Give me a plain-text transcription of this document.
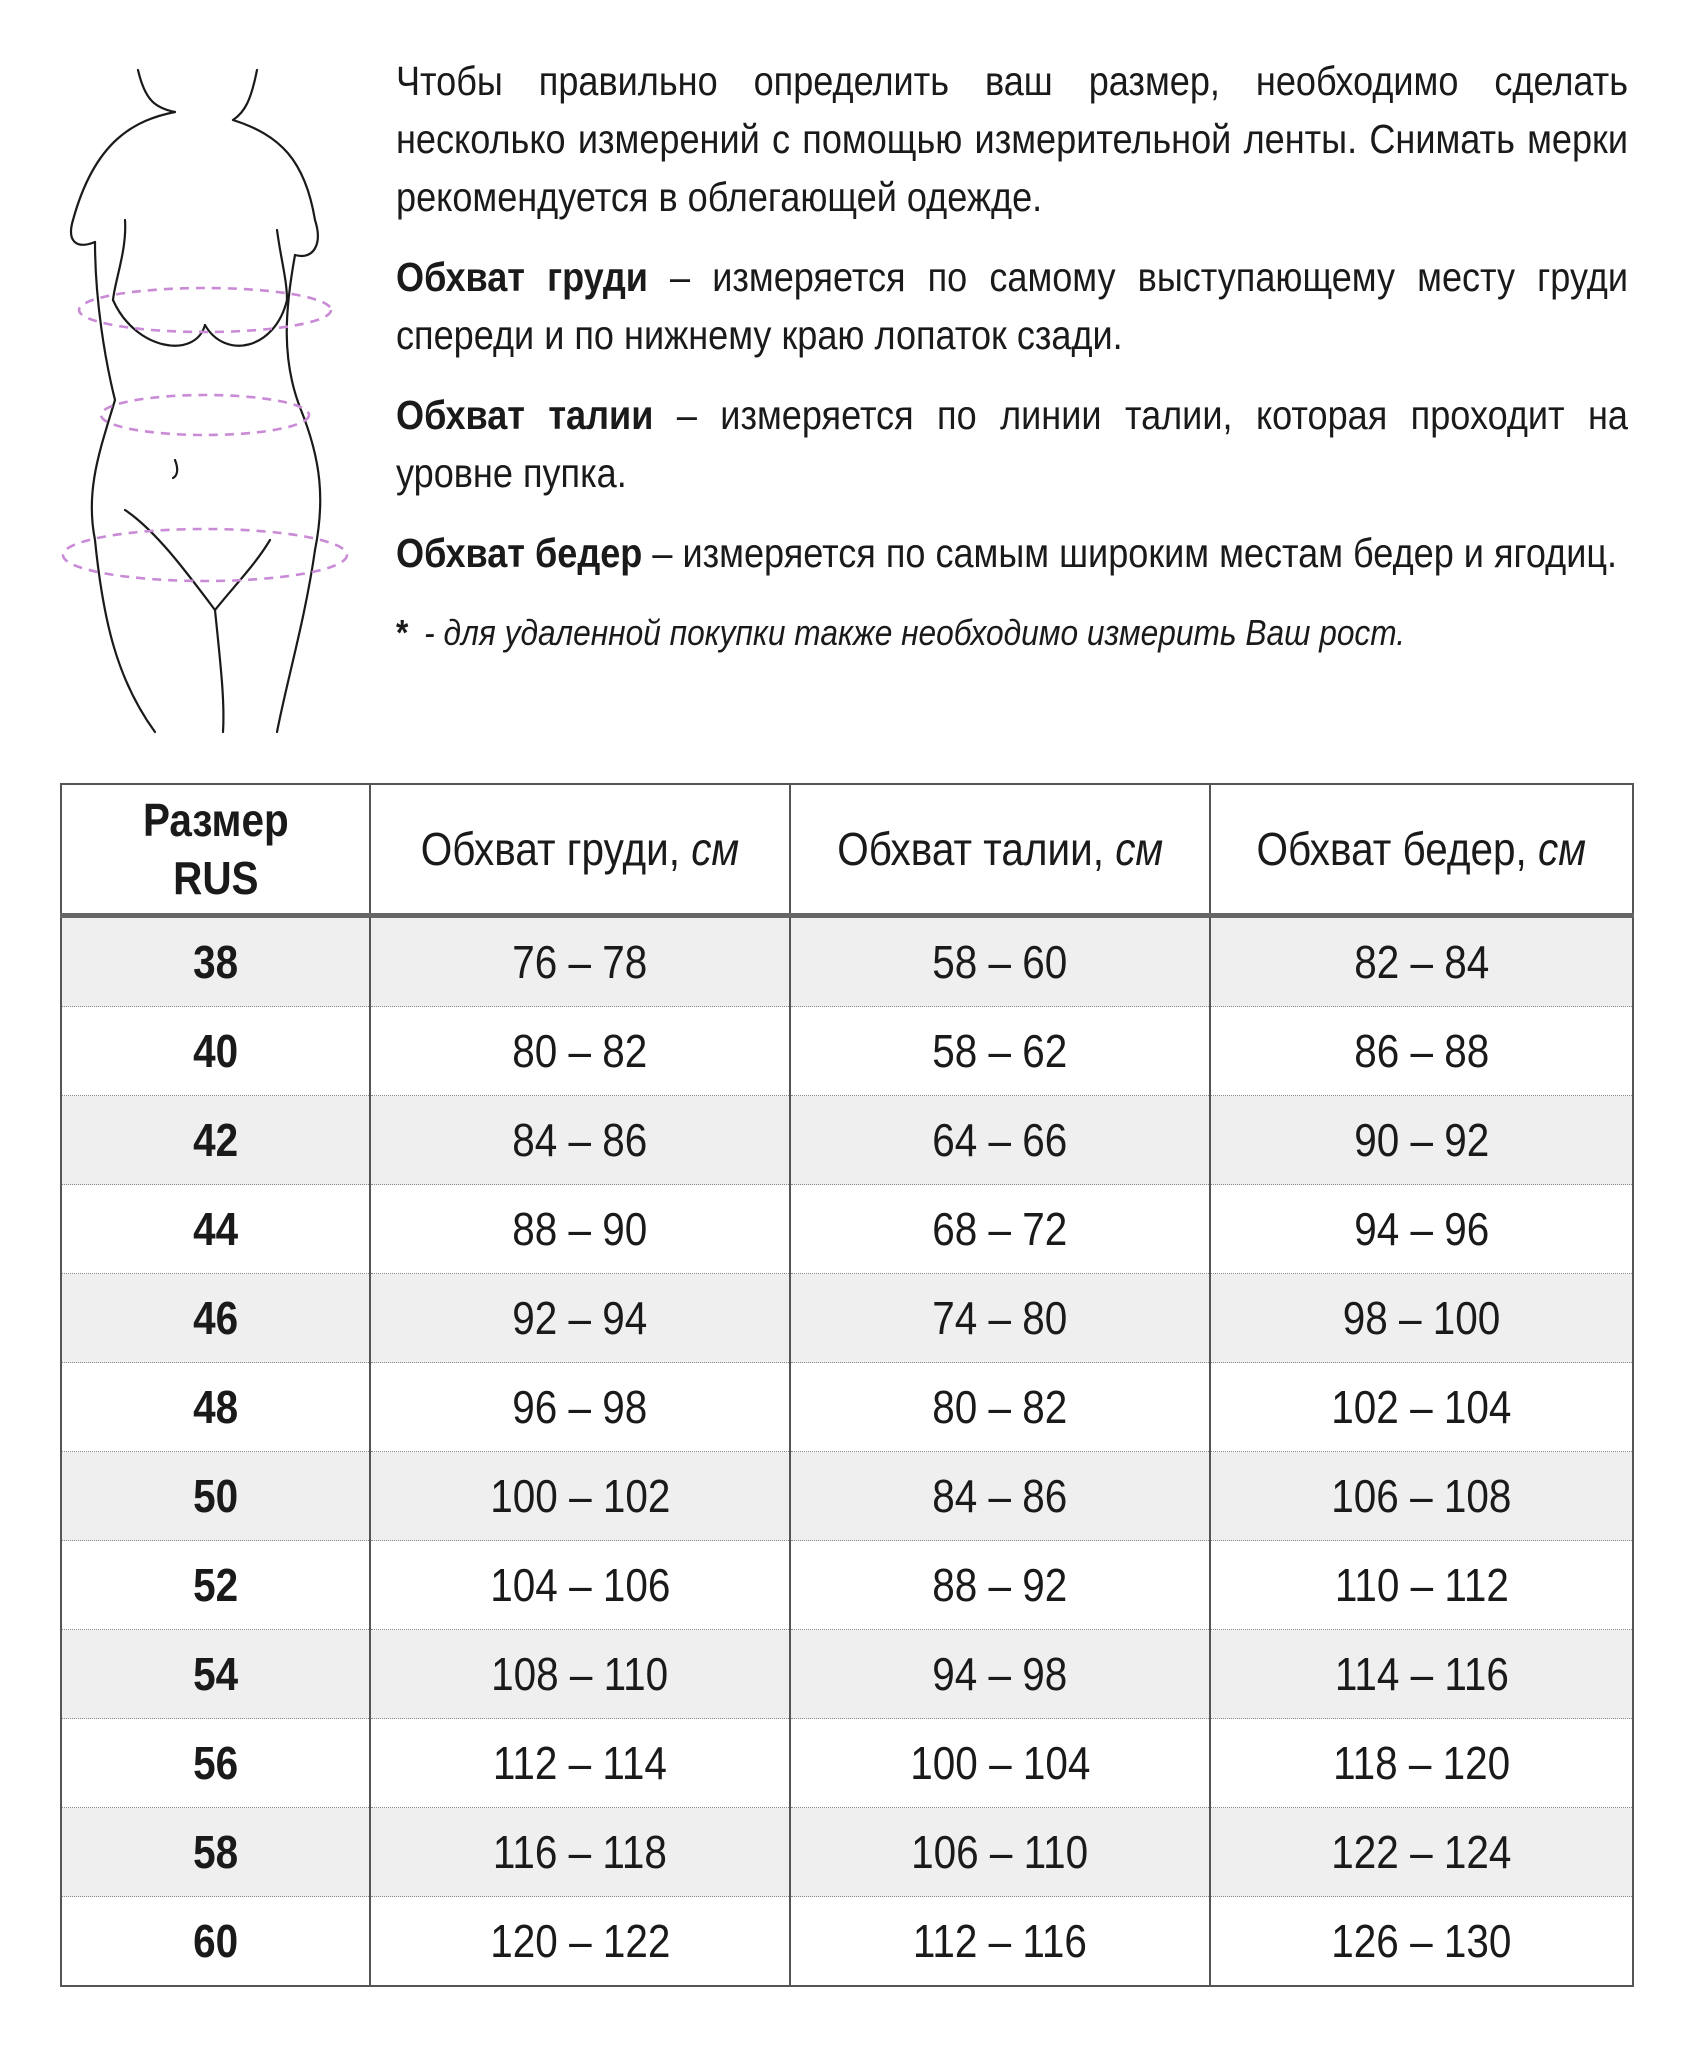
Чтобы правильно определить ваш размер, необходимо сделать несколько измерений с помощью измерительной ленты. Снимать мерки рекомендуется в облегающей одежде.

Обхват груди – измеряется по самому выступающему месту груди спереди и по нижнему краю лопаток сзади.

Обхват талии – измеряется по линии талии, которая проходит на уровне пупка.

Обхват бедер – измеряется по самым широким местам бедер и ягодиц.

* - для удаленной покупки также необходимо измерить Ваш рост.

Размер
RUS	Обхват груди, см	Обхват талии, см	Обхват бедер, см
38	76 – 78	58 – 60	82 – 84
40	80 – 82	58 – 62	86 – 88
42	84 – 86	64 – 66	90 – 92
44	88 – 90	68 – 72	94 – 96
46	92 – 94	74 – 80	98 – 100
48	96 – 98	80 – 82	102 – 104
50	100 – 102	84 – 86	106 – 108
52	104 – 106	88 – 92	110 – 112
54	108 – 110	94 – 98	114 – 116
56	112 – 114	100 – 104	118 – 120
58	116 – 118	106 – 110	122 – 124
60	120 – 122	112 – 116	126 – 130
